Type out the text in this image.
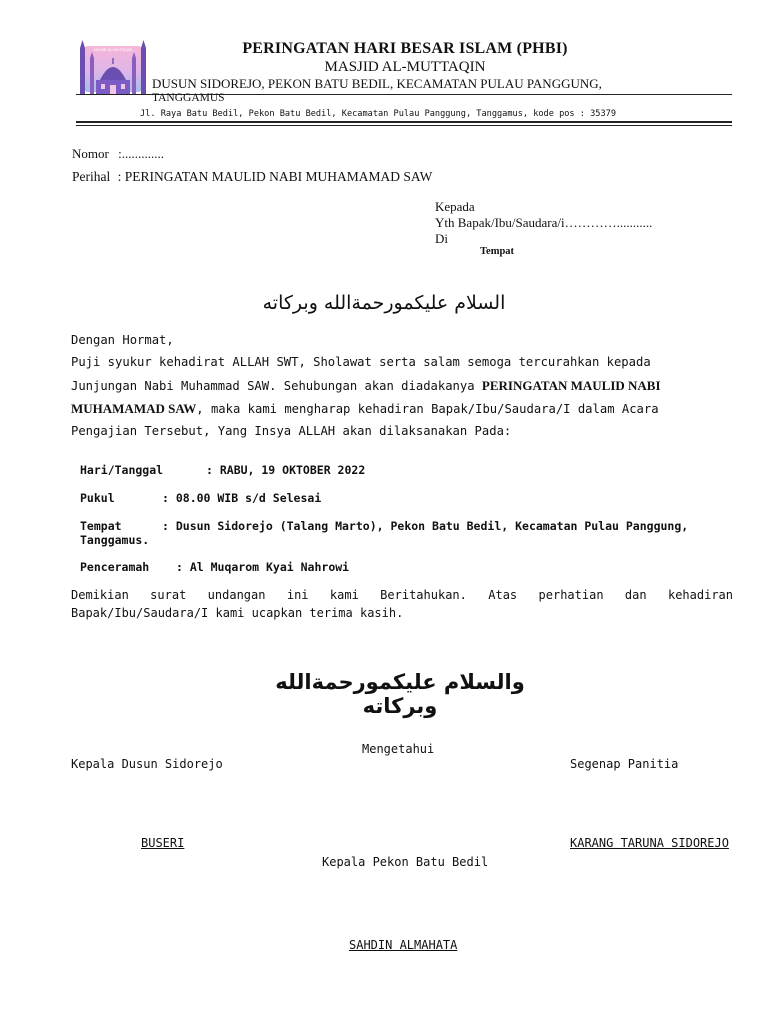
MASJID AL-MUTTAQIN	PERINGATAN HARI BESAR ISLAM (PHBI)
MASJID AL-MUTTAQIN
DUSUN SIDOREJO, PEKON BATU BEDIL, KECAMATAN PULAU PANGGUNG,
TANGGAMUS
Jl. Raya Batu Bedil, Pekon Batu Bedil, Kecamatan Pulau Panggung, Tanggamus, kode pos : 35379
Nomor :.............
Perihal : PERINGATAN MAULID NABI MUHAMAMAD SAW
Kepada
Yth Bapak/Ibu/Saudara/i…………...........
Di
Tempat
السلام عليكمورحمةالله وبركاته
Dengan Hormat,
Puji syukur kehadirat ALLAH SWT, Sholawat serta salam semoga tercurahkan kepada
Junjungan Nabi Muhammad SAW. Sehubungan akan diadakanya PERINGATAN MAULID NABI
MUHAMAMAD SAW, maka kami mengharap kehadiran Bapak/Ibu/Saudara/I dalam Acara
Pengajian Tersebut, Yang Insya ALLAH akan dilaksanakan Pada:
Hari/Tanggal	: RABU, 19 OKTOBER 2022
Pukul	: 08.00 WIB s/d Selesai
Tempat	: Dusun Sidorejo (Talang Marto), Pekon Batu Bedil, Kecamatan Pulau Panggung,
Tanggamus.
Penceramah : Al Muqarom Kyai Nahrowi
Demikian surat undangan ini kami Beritahukan. Atas perhatian dan kehadiran
Bapak/Ibu/Saudara/I kami ucapkan terima kasih.
والسلام عليكمورحمةالله وبركاته
Mengetahui
Kepala Dusun Sidorejo	Segenap Panitia
BUSERI	KARANG TARUNA SIDOREJO
Kepala Pekon Batu Bedil
SAHDIN ALMAHATA
